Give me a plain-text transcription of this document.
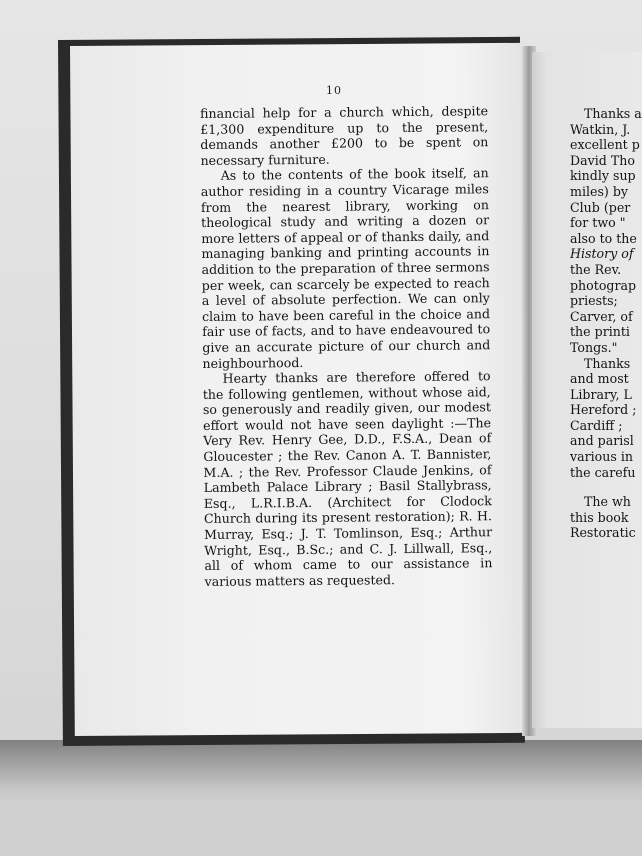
10

financial help for a church which, despite £1,300 expenditure up to the present, demands another £200 to be spent on necessary furniture.

As to the contents of the book itself, an author residing in a country Vicarage miles from the nearest library, working on theological study and writing a dozen or more letters of appeal or of thanks daily, and managing banking and printing accounts in addition to the preparation of three sermons per week, can scarcely be expected to reach a level of absolute perfection. We can only claim to have been careful in the choice and fair use of facts, and to have endeavoured to give an accurate picture of our church and neighbourhood.

Hearty thanks are therefore offered to the following gentlemen, without whose aid, so generously and readily given, our modest effort would not have seen daylight :—The Very Rev. Henry Gee, D.D., F.S.A., Dean of Gloucester ; the Rev. Canon A. T. Bannister, M.A. ; the Rev. Professor Claude Jenkins, of Lambeth Palace Library ; Basil Stallybrass, Esq., L.R.I.B.A. (Architect for Clodock Church during its present restoration); R. H. Murray, Esq.; J. T. Tomlinson, Esq.; Arthur Wright, Esq., B.Sc.; and C. J. Lillwall, Esq., all of whom came to our assistance in various matters as requested.

Thanks a
Watkin, J.
excellent p
David Tho
kindly sup
miles) by
Club (per
for two "
also to the
History of
the Rev.
photograp
priests;
Carver, of
the printi
Tongs."
Thanks
and most
Library, L
Hereford ;
Cardiff ;
and parisl
various in
the carefu
The wh
this book
Restoratic
